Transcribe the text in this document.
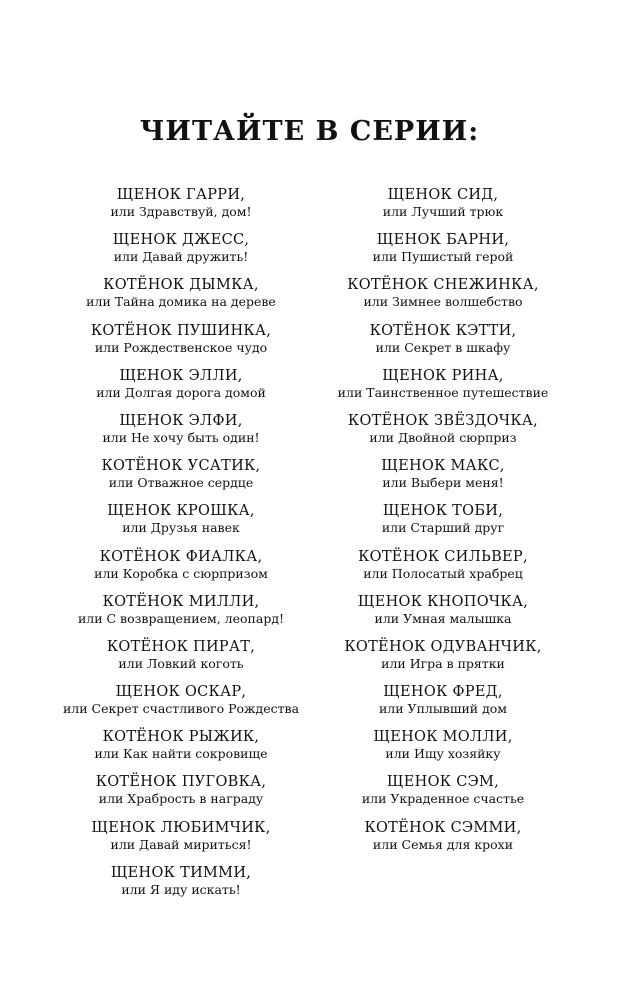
ЧИТАЙТЕ В СЕРИИ:
ЩЕНОК ГАРРИ,
или Здравствуй, дом!
ЩЕНОК ДЖЕСС,
или Давай дружить!
КОТЁНОК ДЫМКА,
или Тайна домика на дереве
КОТЁНОК ПУШИНКА,
или Рождественское чудо
ЩЕНОК ЭЛЛИ,
или Долгая дорога домой
ЩЕНОК ЭЛФИ,
или Не хочу быть один!
КОТЁНОК УСАТИК,
или Отважное сердце
ЩЕНОК КРОШКА,
или Друзья навек
КОТЁНОК ФИАЛКА,
или Коробка с сюрпризом
КОТЁНОК МИЛЛИ,
или С возвращением, леопард!
КОТЁНОК ПИРАТ,
или Ловкий коготь
ЩЕНОК ОСКАР,
или Секрет счастливого Рождества
КОТЁНОК РЫЖИК,
или Как найти сокровище
КОТЁНОК ПУГОВКА,
или Храбрость в награду
ЩЕНОК ЛЮБИМЧИК,
или Давай мириться!
ЩЕНОК ТИММИ,
или Я иду искать!
ЩЕНОК СИД,
или Лучший трюк
ЩЕНОК БАРНИ,
или Пушистый герой
КОТЁНОК СНЕЖИНКА,
или Зимнее волшебство
КОТЁНОК КЭТТИ,
или Секрет в шкафу
ЩЕНОК РИНА,
или Таинственное путешествие
КОТЁНОК ЗВЁЗДОЧКА,
или Двойной сюрприз
ЩЕНОК МАКС,
или Выбери меня!
ЩЕНОК ТОБИ,
или Старший друг
КОТЁНОК СИЛЬВЕР,
или Полосатый храбрец
ЩЕНОК КНОПОЧКА,
или Умная малышка
КОТЁНОК ОДУВАНЧИК,
или Игра в прятки
ЩЕНОК ФРЕД,
или Уплывший дом
ЩЕНОК МОЛЛИ,
или Ищу хозяйку
ЩЕНОК СЭМ,
или Украденное счастье
КОТЁНОК СЭММИ,
или Семья для крохи
